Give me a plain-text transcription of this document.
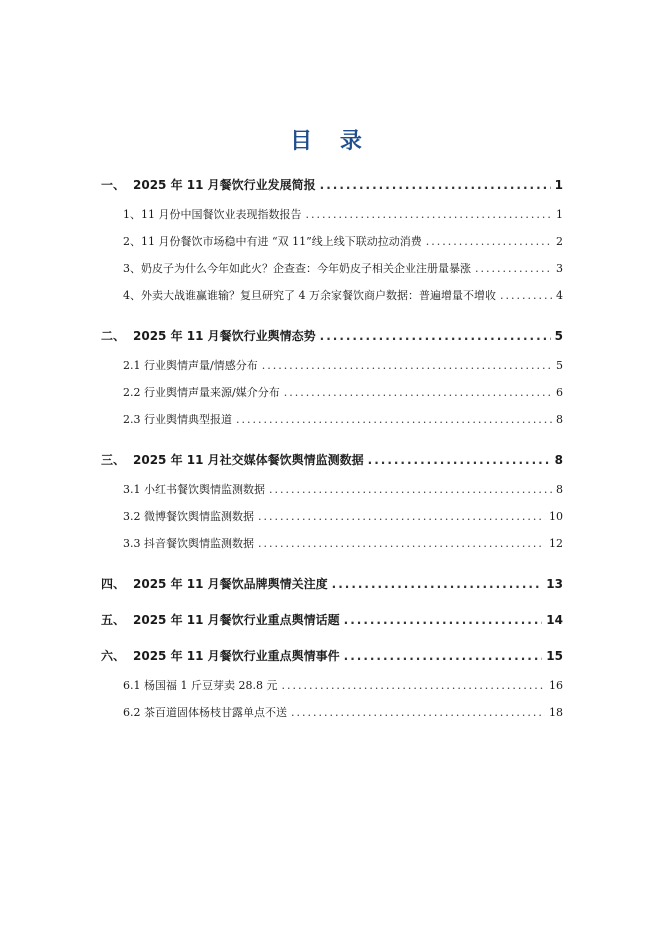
目 录
一、 2025 年 11 月餐饮行业发展简报 .....	1
1、11 月份中国餐饮业表现指数报告 .....	1
2、11 月份餐饮市场稳中有进 “双 11”线上线下联动拉动消费 .....	2
3、奶皮子为什么今年如此火？企查查：今年奶皮子相关企业注册量暴涨 .....	3
4、外卖大战谁赢谁输？复旦研究了 4 万余家餐饮商户数据：普遍增量不增收 .....	4
二、 2025 年 11 月餐饮行业舆情态势 .....	5
2.1 行业舆情声量/情感分布 .....	5
2.2 行业舆情声量来源/媒介分布 .....	6
2.3 行业舆情典型报道 .....	8
三、 2025 年 11 月社交媒体餐饮舆情监测数据 .....	8
3.1 小红书餐饮舆情监测数据 .....	8
3.2 微博餐饮舆情监测数据 .....	10
3.3 抖音餐饮舆情监测数据 .....	12
四、 2025 年 11 月餐饮品牌舆情关注度 .....	13
五、 2025 年 11 月餐饮行业重点舆情话题 .....	14
六、 2025 年 11 月餐饮行业重点舆情事件 .....	15
6.1 杨国福 1 斤豆芽卖 28.8 元 .....	16
6.2 茶百道固体杨枝甘露单点不送 .....	18
